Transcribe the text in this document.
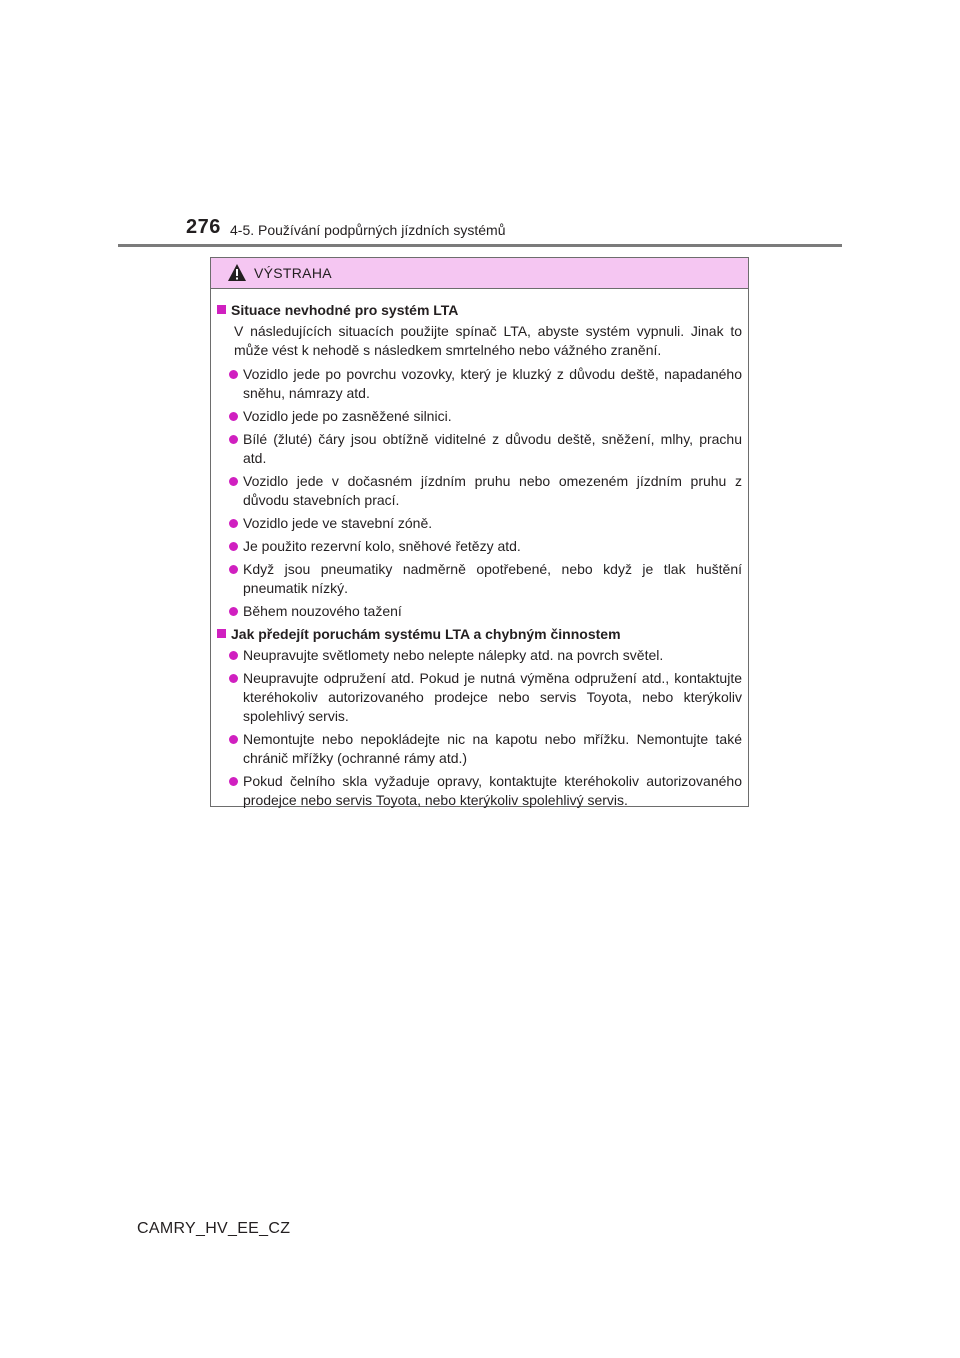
276 4-5. Používání podpůrných jízdních systémů
VÝSTRAHA
Situace nevhodné pro systém LTA
V následujících situacích použijte spínač LTA, abyste systém vypnuli. Jinak to může vést k nehodě s následkem smrtelného nebo vážného zranění.
Vozidlo jede po povrchu vozovky, který je kluzký z důvodu deště, napadaného sněhu, námrazy atd.
Vozidlo jede po zasněžené silnici.
Bílé (žluté) čáry jsou obtížně viditelné z důvodu deště, sněžení, mlhy, prachu atd.
Vozidlo jede v dočasném jízdním pruhu nebo omezeném jízdním pruhu z důvodu stavebních prací.
Vozidlo jede ve stavební zóně.
Je použito rezervní kolo, sněhové řetězy atd.
Když jsou pneumatiky nadměrně opotřebené, nebo když je tlak huštění pneumatik nízký.
Během nouzového tažení
Jak předejít poruchám systému LTA a chybným činnostem
Neupravujte světlomety nebo nelepte nálepky atd. na povrch světel.
Neupravujte odpružení atd. Pokud je nutná výměna odpružení atd., kontaktujte kteréhokoliv autorizovaného prodejce nebo servis Toyota, nebo kterýkoliv spolehlivý servis.
Nemontujte nebo nepokládejte nic na kapotu nebo mřížku. Nemontujte také chránič mřížky (ochranné rámy atd.)
Pokud čelního skla vyžaduje opravy, kontaktujte kteréhokoliv autorizovaného prodejce nebo servis Toyota, nebo kterýkoliv spolehlivý servis.
CAMRY_HV_EE_CZ
